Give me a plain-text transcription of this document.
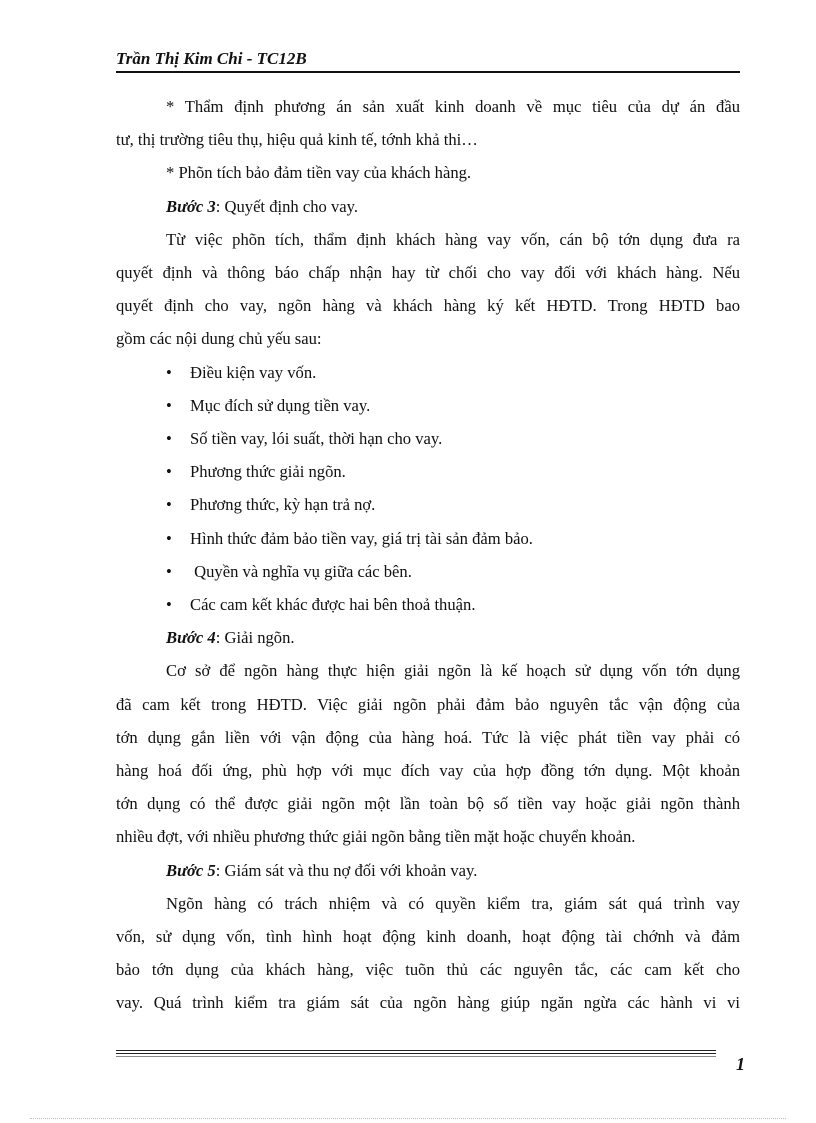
Trần Thị Kim Chi - TC12B

* Thẩm định phương án sản xuất kinh doanh về mục tiêu của dự án đầu

tư, thị trường tiêu thụ, hiệu quả kinh tế, tớnh khả thi…

* Phõn tích bảo đảm tiền vay của khách hàng.

Bước 3: Quyết định cho vay.

Từ việc phõn tích, thẩm định khách hàng vay vốn, cán bộ tớn dụng đưa ra

quyết định và thông báo chấp nhận hay từ chối cho vay đối với khách hàng. Nếu

quyết định cho vay, ngõn hàng và khách hàng ký kết HĐTD. Trong HĐTD bao

gồm các nội dung chủ yếu sau:

• Điều kiện vay vốn.
• Mục đích sử dụng tiền vay.
• Số tiền vay, lói suất, thời hạn cho vay.
• Phương thức giải ngõn.
• Phương thức, kỳ hạn trả nợ.
• Hình thức đảm bảo tiền vay, giá trị tài sản đảm bảo.
• Quyền và nghĩa vụ giữa các bên.
• Các cam kết khác được hai bên thoả thuận.

Bước 4: Giải ngõn.

Cơ sở để ngõn hàng thực hiện giải ngõn là kế hoạch sử dụng vốn tớn dụng

đã cam kết trong HĐTD. Việc giải ngõn phải đảm bảo nguyên tắc vận động của

tớn dụng gắn liền với vận động của hàng hoá. Tức là việc phát tiền vay phải có

hàng hoá đối ứng, phù hợp với mục đích vay của hợp đồng tớn dụng. Một khoản

tớn dụng có thể được giải ngõn một lần toàn bộ số tiền vay hoặc giải ngõn thành

nhiều đợt, với nhiều phương thức giải ngõn bằng tiền mặt hoặc chuyển khoản.

Bước 5: Giám sát và thu nợ đối với khoản vay.

Ngõn hàng có trách nhiệm và có quyền kiểm tra, giám sát quá trình vay

vốn, sử dụng vốn, tình hình hoạt động kinh doanh, hoạt động tài chớnh và đảm

bảo tớn dụng của khách hàng, việc tuõn thủ các nguyên tắc, các cam kết cho

vay. Quá trình kiểm tra giám sát của ngõn hàng giúp ngăn ngừa các hành vi vi

1
